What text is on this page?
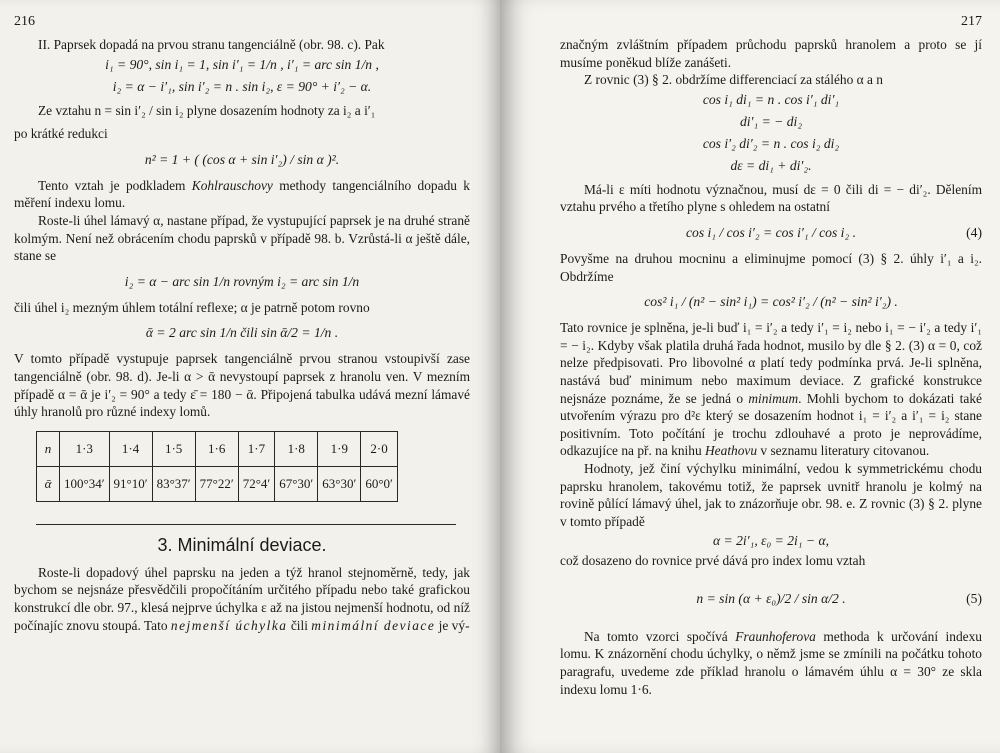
216

II. Paprsek dopadá na prvou stranu tangenciálně (obr. 98. c). Pak

i₁ = 90°, sin i₁ = 1, sin i′₁ = 1/n , i′₁ = arc sin 1/n ,

i₂ = α − i′₁, sin i′₂ = n . sin i₂, ε = 90° + i′₂ − α.

Ze vztahu n = sin i′₂ / sin i₂ plyne dosazením hodnoty za i₂ a i′₁

po krátké redukci

n² = 1 + ( (cos α + sin i′₂) / sin α )².

Tento vztah je podkladem Kohlrauschovy methody tangenciálního dopadu k měření indexu lomu.

Roste-li úhel lámavý α, nastane případ, že vystupující paprsek je na druhé straně kolmým. Není než obrácením chodu paprsků v případě 98. b. Vzrůstá-li α ještě dále, stane se

i₂ = α − arc sin 1/n rovným i₂ = arc sin 1/n

čili úhel i₂ mezným úhlem totální reflexe; α je patrně potom rovno

ᾱ = 2 arc sin 1/n čili sin ᾱ/2 = 1/n .

V tomto případě vystupuje paprsek tangenciálně prvou stranou vstoupivší zase tangenciálně (obr. 98. d). Je-li α > ᾱ nevystoupí paprsek z hranolu ven. V mezním případě α = ᾱ je i′₂ = 90° a tedy ε̄ = 180 − ᾱ. Připojená tabulka udává mezní lámavé úhly hranolů pro různé indexy lomů.

n	1·3	1·4	1·5	1·6	1·7	1·8	1·9	2·0
ᾱ	100°34′	91°10′	83°37′	77°22′	72°4′	67°30′	63°30′	60°0′
3. Minimální deviace.

Roste-li dopadový úhel paprsku na jeden a týž hranol stejnoměrně, tedy, jak bychom se nejsnáze přesvědčili propočítáním určitého případu nebo také grafickou konstrukcí dle obr. 97., klesá nejprve úchylka ε až na jistou nejmenší hodnotu, od níž počínajíc znovu stoupá. Tato nejmenší úchylka čili minimální deviace je vý-

217

značným zvláštním případem průchodu paprsků hranolem a proto se jí musíme poněkud blíže zanášeti.

Z rovnic (3) § 2. obdržíme differenciací za stálého α a n

cos i₁ di₁ = n . cos i′₁ di′₁

di′₁ = − di₂

cos i′₂ di′₂ = n . cos i₂ di₂

dε = di₁ + di′₂.

Má-li ε míti hodnotu význačnou, musí dε = 0 čili di = − di′₂. Dělením vztahu prvého a třetího plyne s ohledem na ostatní

cos i₁ / cos i′₂ = cos i′₁ / cos i₂ .	(4)

Povyšme na druhou mocninu a eliminujme pomocí (3) § 2. úhly i′₁ a i₂. Obdržíme

cos² i₁ / (n² − sin² i₁) = cos² i′₂ / (n² − sin² i′₂) .

Tato rovnice je splněna, je-li buď i₁ = i′₂ a tedy i′₁ = i₂ nebo i₁ = − i′₂ a tedy i′₁ = − i₂. Kdyby však platila druhá řada hodnot, musilo by dle § 2. (3) α = 0, což nelze předpisovati. Pro libovolné α platí tedy podmínka prvá. Je-li splněna, nastává buď minimum nebo maximum deviace. Z grafické konstrukce nejsnáze poznáme, že se jedná o minimum. Mohli bychom to dokázati také utvořením výrazu pro d²ε který se dosazením hodnot i₁ = i′₂ a i′₁ = i₂ stane positivním. Toto počítání je trochu zdlouhavé a proto je neprovádíme, odkazujíce na př. na knihu Heathovu v seznamu literatury citovanou.

Hodnoty, jež činí výchylku minimální, vedou k symmetrickému chodu paprsku hranolem, takovému totiž, že paprsek uvnitř hranolu je kolmý na rovině půlící lámavý úhel, jak to znázorňuje obr. 98. e. Z rovnic (3) § 2. plyne v tomto případě

α = 2i′₁, ε₀ = 2i₁ − α,

což dosazeno do rovnice prvé dává pro index lomu vztah

n = sin (α + ε₀)/2 / sin α/2 .	(5)

Na tomto vzorci spočívá Fraunhoferova methoda k určování indexu lomu. K znázornění chodu úchylky, o němž jsme se zmínili na počátku tohoto paragrafu, uvedeme zde příklad hranolu o lámavém úhlu α = 30° ze skla indexu lomu 1·6.
